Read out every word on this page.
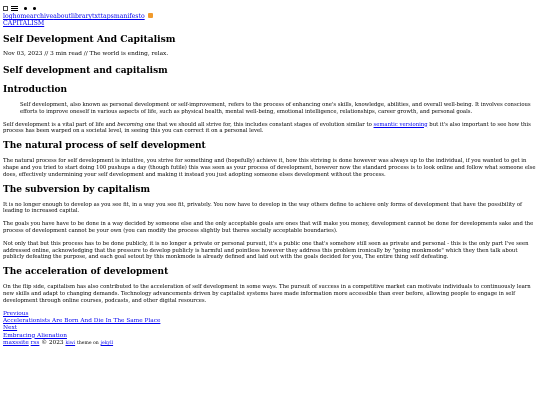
loghomearchiveaboutlibrarytxttapsmanifesto
CAPITALISM
Self Development And Capitalism
Nov 03, 2023 // 3 min read // The world is ending, relax.
Self development and capitalism
Introduction
Self development, also known as personal development or self-improvement, refers to the process of enhancing one's skills, knowledge, abilities, and overall well-being. It involves conscious efforts to improve oneself in various aspects of life, such as physical health, mental well-being, emotional intelligence, relationships, career growth, and personal goals.

Self development is a vital part of life and becoming one that we should all strive for, this includes constant stages of evolution similar to semantic versioning but it's also important to see how this process has been warped on a societal level, in seeing this you can correct it on a personal level.

The natural process of self development

The natural process for self development is intuitive, you strive for something and (hopefully) achieve it, how this striving is done however was always up to the individual, if you wanted to get in shape and you tried to start doing 100 pushups a day (though futile) this was seen as your process of development, however now the standard process is to look online and follow what someone else does, effectively undermining your self development and making it instead you just adopting someone elses development without the process.

The subversion by capitalism

It is no longer enough to develop as you see fit, in a way you see fit, privately. You now have to develop in the way others define to achieve only forms of development that have the possibility of leading to increased capital.

The goals you have have to be done in a way decided by someone else and the only acceptable goals are ones that will make you money, development cannot be done for developments sake and the process of development cannot be your own (you can modify the process slightly but theres socially acceptable boundaries).

Not only that but this process has to be done publicly, it is no longer a private or personal pursuit, it's a public one that's somehow still seen as private and personal - this is the only part I've seen addressed online, acknowledging that the pressure to develop publicly is harmful and pointless however they address this problem ironically by "going monkmode" which they then talk about publicly defeating the purpose, and each goal setout by this monkmode is already defined and laid out with the goals decided for you, The entire thing self defeating.

The acceleration of development

On the flip side, capitalism has also contributed to the acceleration of self development in some ways. The pursuit of success in a competitive market can motivate individuals to continuously learn new skills and adapt to changing demands. Technology advancements driven by capitalist systems have made information more accessible than ever before, allowing people to engage in self development through online courses, podcasts, and other digital resources.

Previous
Accelerationists Are Born And Die In The Same Place
Next
Embracing Alienation
maxssite rss © 2023 kiwi theme on jekyll
